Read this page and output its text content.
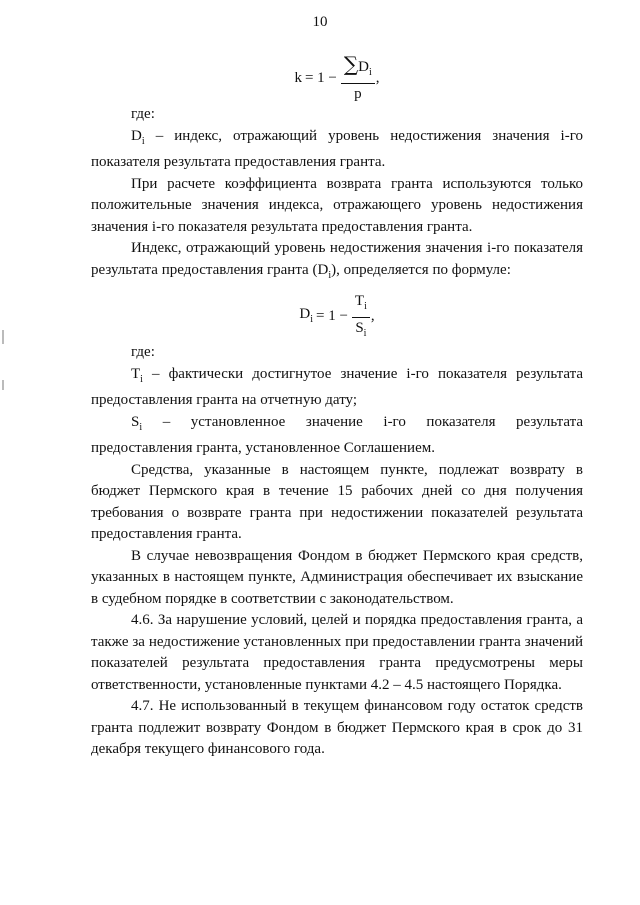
10
$k = 1 - \frac{\sum D_i}{p}$ ,

где:

$D_i$ – индекс, отражающий уровень недостижения значения i-го показателя результата предоставления гранта.

При расчете коэффициента возврата гранта используются только положительные значения индекса, отражающего уровень недостижения значения i-го показателя результата предоставления гранта.

Индекс, отражающий уровень недостижения значения i-го показателя результата предоставления гранта $(D_i)$, определяется по формуле:

$D_i = 1 - \frac{T_i}{S_i}$ ,

где:

$T_i$ – фактически достигнутое значение i-го показателя результата предоставления гранта на отчетную дату;

$S_i$ – установленное значение i-го показателя результата предоставления гранта, установленное Соглашением.

Средства, указанные в настоящем пункте, подлежат возврату в бюджет Пермского края в течение 15 рабочих дней со дня получения требования о возврате гранта при недостижении показателей результата предоставления гранта.

В случае невозвращения Фондом в бюджет Пермского края средств, указанных в настоящем пункте, Администрация обеспечивает их взыскание в судебном порядке в соответствии с законодательством.

4.6. За нарушение условий, целей и порядка предоставления гранта, а также за недостижение установленных при предоставлении гранта значений показателей результата предоставления гранта предусмотрены меры ответственности, установленные пунктами 4.2 – 4.5 настоящего Порядка.

4.7. Не использованный в текущем финансовом году остаток средств гранта подлежит возврату Фондом в бюджет Пермского края в срок до 31 декабря текущего финансового года.
